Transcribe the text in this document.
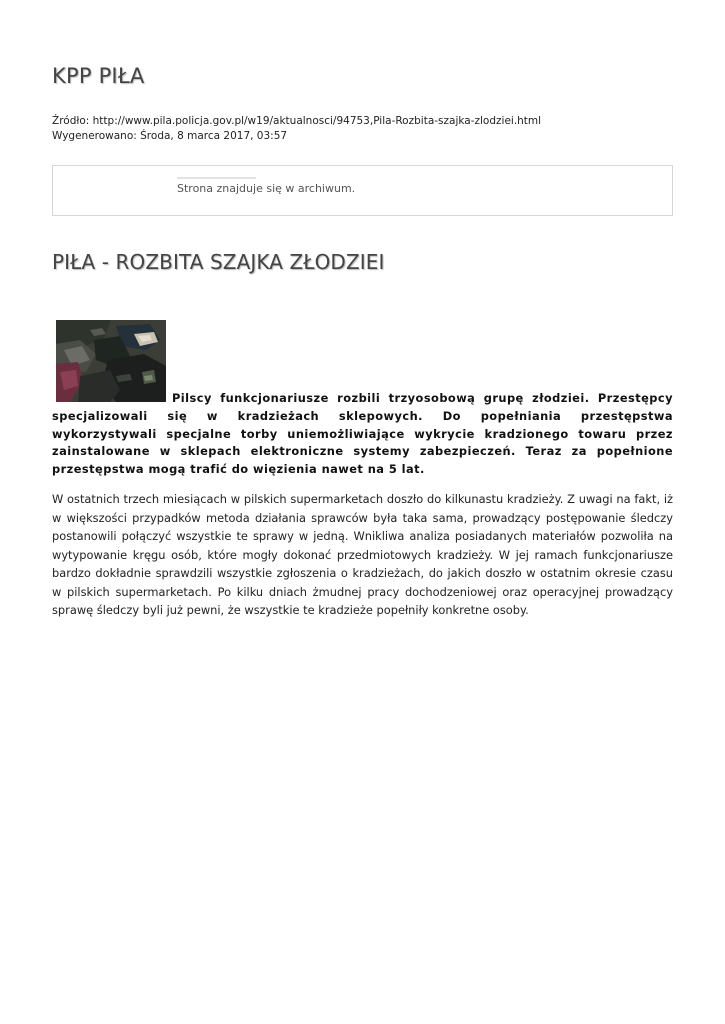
KPP PIŁA
Źródło: http://www.pila.policja.gov.pl/w19/aktualnosci/94753,Pila-Rozbita-szajka-zlodziei.html
Wygenerowano: Środa, 8 marca 2017, 03:57
Strona znajduje się w archiwum.
PIŁA - ROZBITA SZAJKA ZŁODZIEI

Pilscy funkcjonariusze rozbili trzyosobową grupę złodziei. Przestępcy specjalizowali się w kradzieżach sklepowych. Do popełniania przestępstwa wykorzystywali specjalne torby uniemożliwiające wykrycie kradzionego towaru przez zainstalowane w sklepach elektroniczne systemy zabezpieczeń. Teraz za popełnione przestępstwa mogą trafić do więzienia nawet na 5 lat.

W ostatnich trzech miesiącach w pilskich supermarketach doszło do kilkunastu kradzieży. Z uwagi na fakt, iż w większości przypadków metoda działania sprawców była taka sama, prowadzący postępowanie śledczy postanowili połączyć wszystkie te sprawy w jedną. Wnikliwa analiza posiadanych materiałów pozwoliła na wytypowanie kręgu osób, które mogły dokonać przedmiotowych kradzieży. W jej ramach funkcjonariusze bardzo dokładnie sprawdzili wszystkie zgłoszenia o kradzieżach, do jakich doszło w ostatnim okresie czasu w pilskich supermarketach. Po kilku dniach żmudnej pracy dochodzeniowej oraz operacyjnej prowadzący sprawę śledczy byli już pewni, że wszystkie te kradzieże popełniły konkretne osoby.
